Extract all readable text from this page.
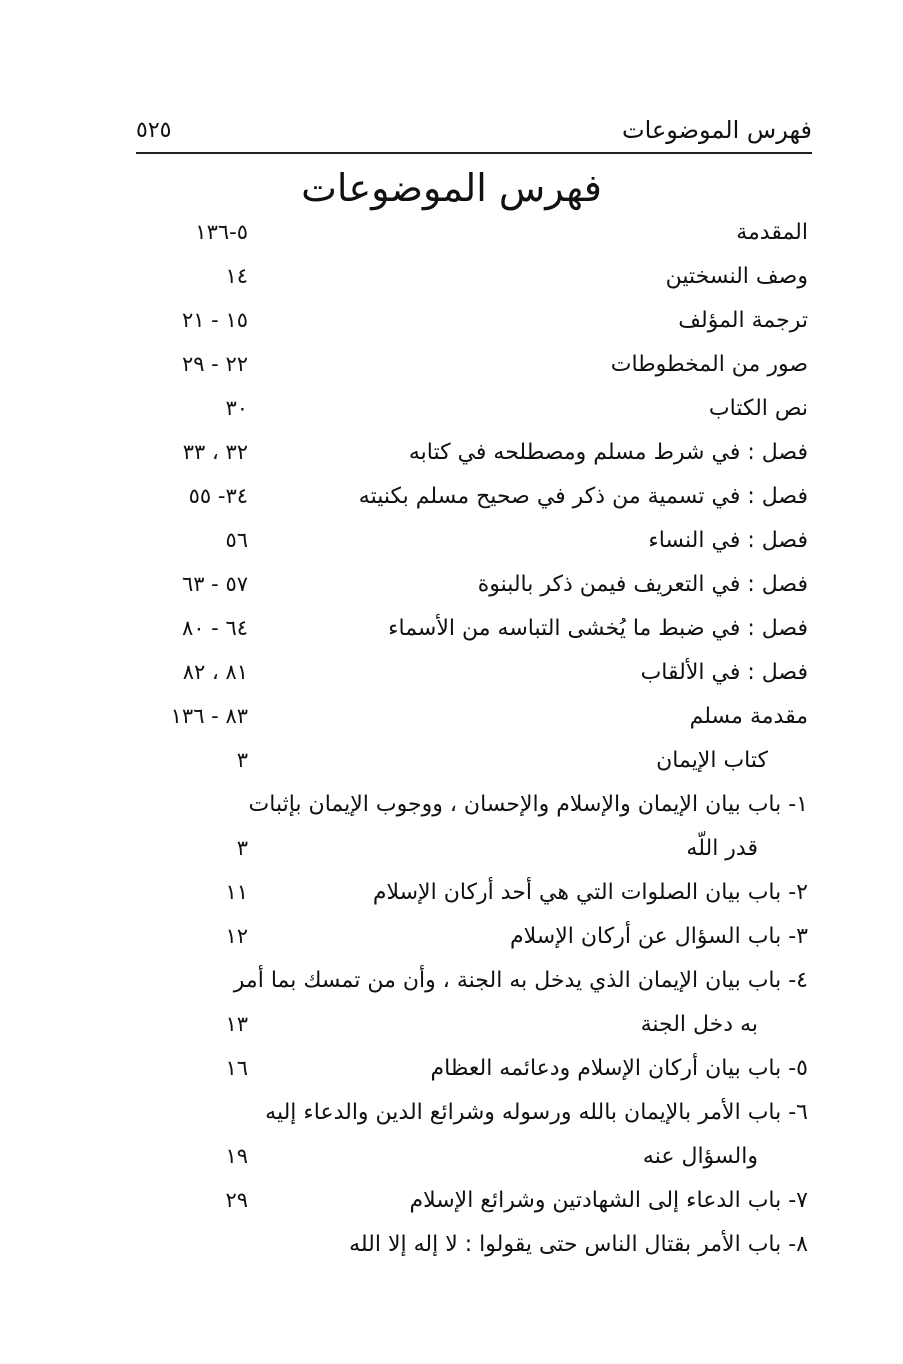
فهرس الموضوعات
٥٢٥
فهرس الموضوعات
المقدمة
٥-١٣٦
وصف النسختين
١٤
ترجمة المؤلف
١٥ - ٢١
صور من المخطوطات
٢٢ - ٢٩
نص الكتاب
٣٠
فصل : في شرط مسلم ومصطلحه في كتابه
٣٢ ، ٣٣
فصل : في تسمية من ذكر في صحيح مسلم بكنيته
٣٤- ٥٥
فصل : في النساء
٥٦
فصل : في التعريف فيمن ذكر بالبنوة
٥٧ - ٦٣
فصل : في ضبط ما يُخشى التباسه من الأسماء
٦٤ - ٨٠
فصل : في الألقاب
٨١ ، ٨٢
مقدمة مسلم
٨٣ - ١٣٦
كتاب الإيمان
٣
١- باب بيان الإيمان والإسلام والإحسان ، ووجوب الإيمان بإثبات
قدر اللّه
٣
٢- باب بيان الصلوات التي هي أحد أركان الإسلام
١١
٣- باب السؤال عن أركان الإسلام
١٢
٤- باب بيان الإيمان الذي يدخل به الجنة ، وأن من تمسك بما أمر
به دخل الجنة
١٣
٥- باب بيان أركان الإسلام ودعائمه العظام
١٦
٦- باب الأمر بالإيمان بالله ورسوله وشرائع الدين والدعاء إليه
والسؤال عنه
١٩
٧- باب الدعاء إلى الشهادتين وشرائع الإسلام
٢٩
٨- باب الأمر بقتال الناس حتى يقولوا : لا إله إلا الله
